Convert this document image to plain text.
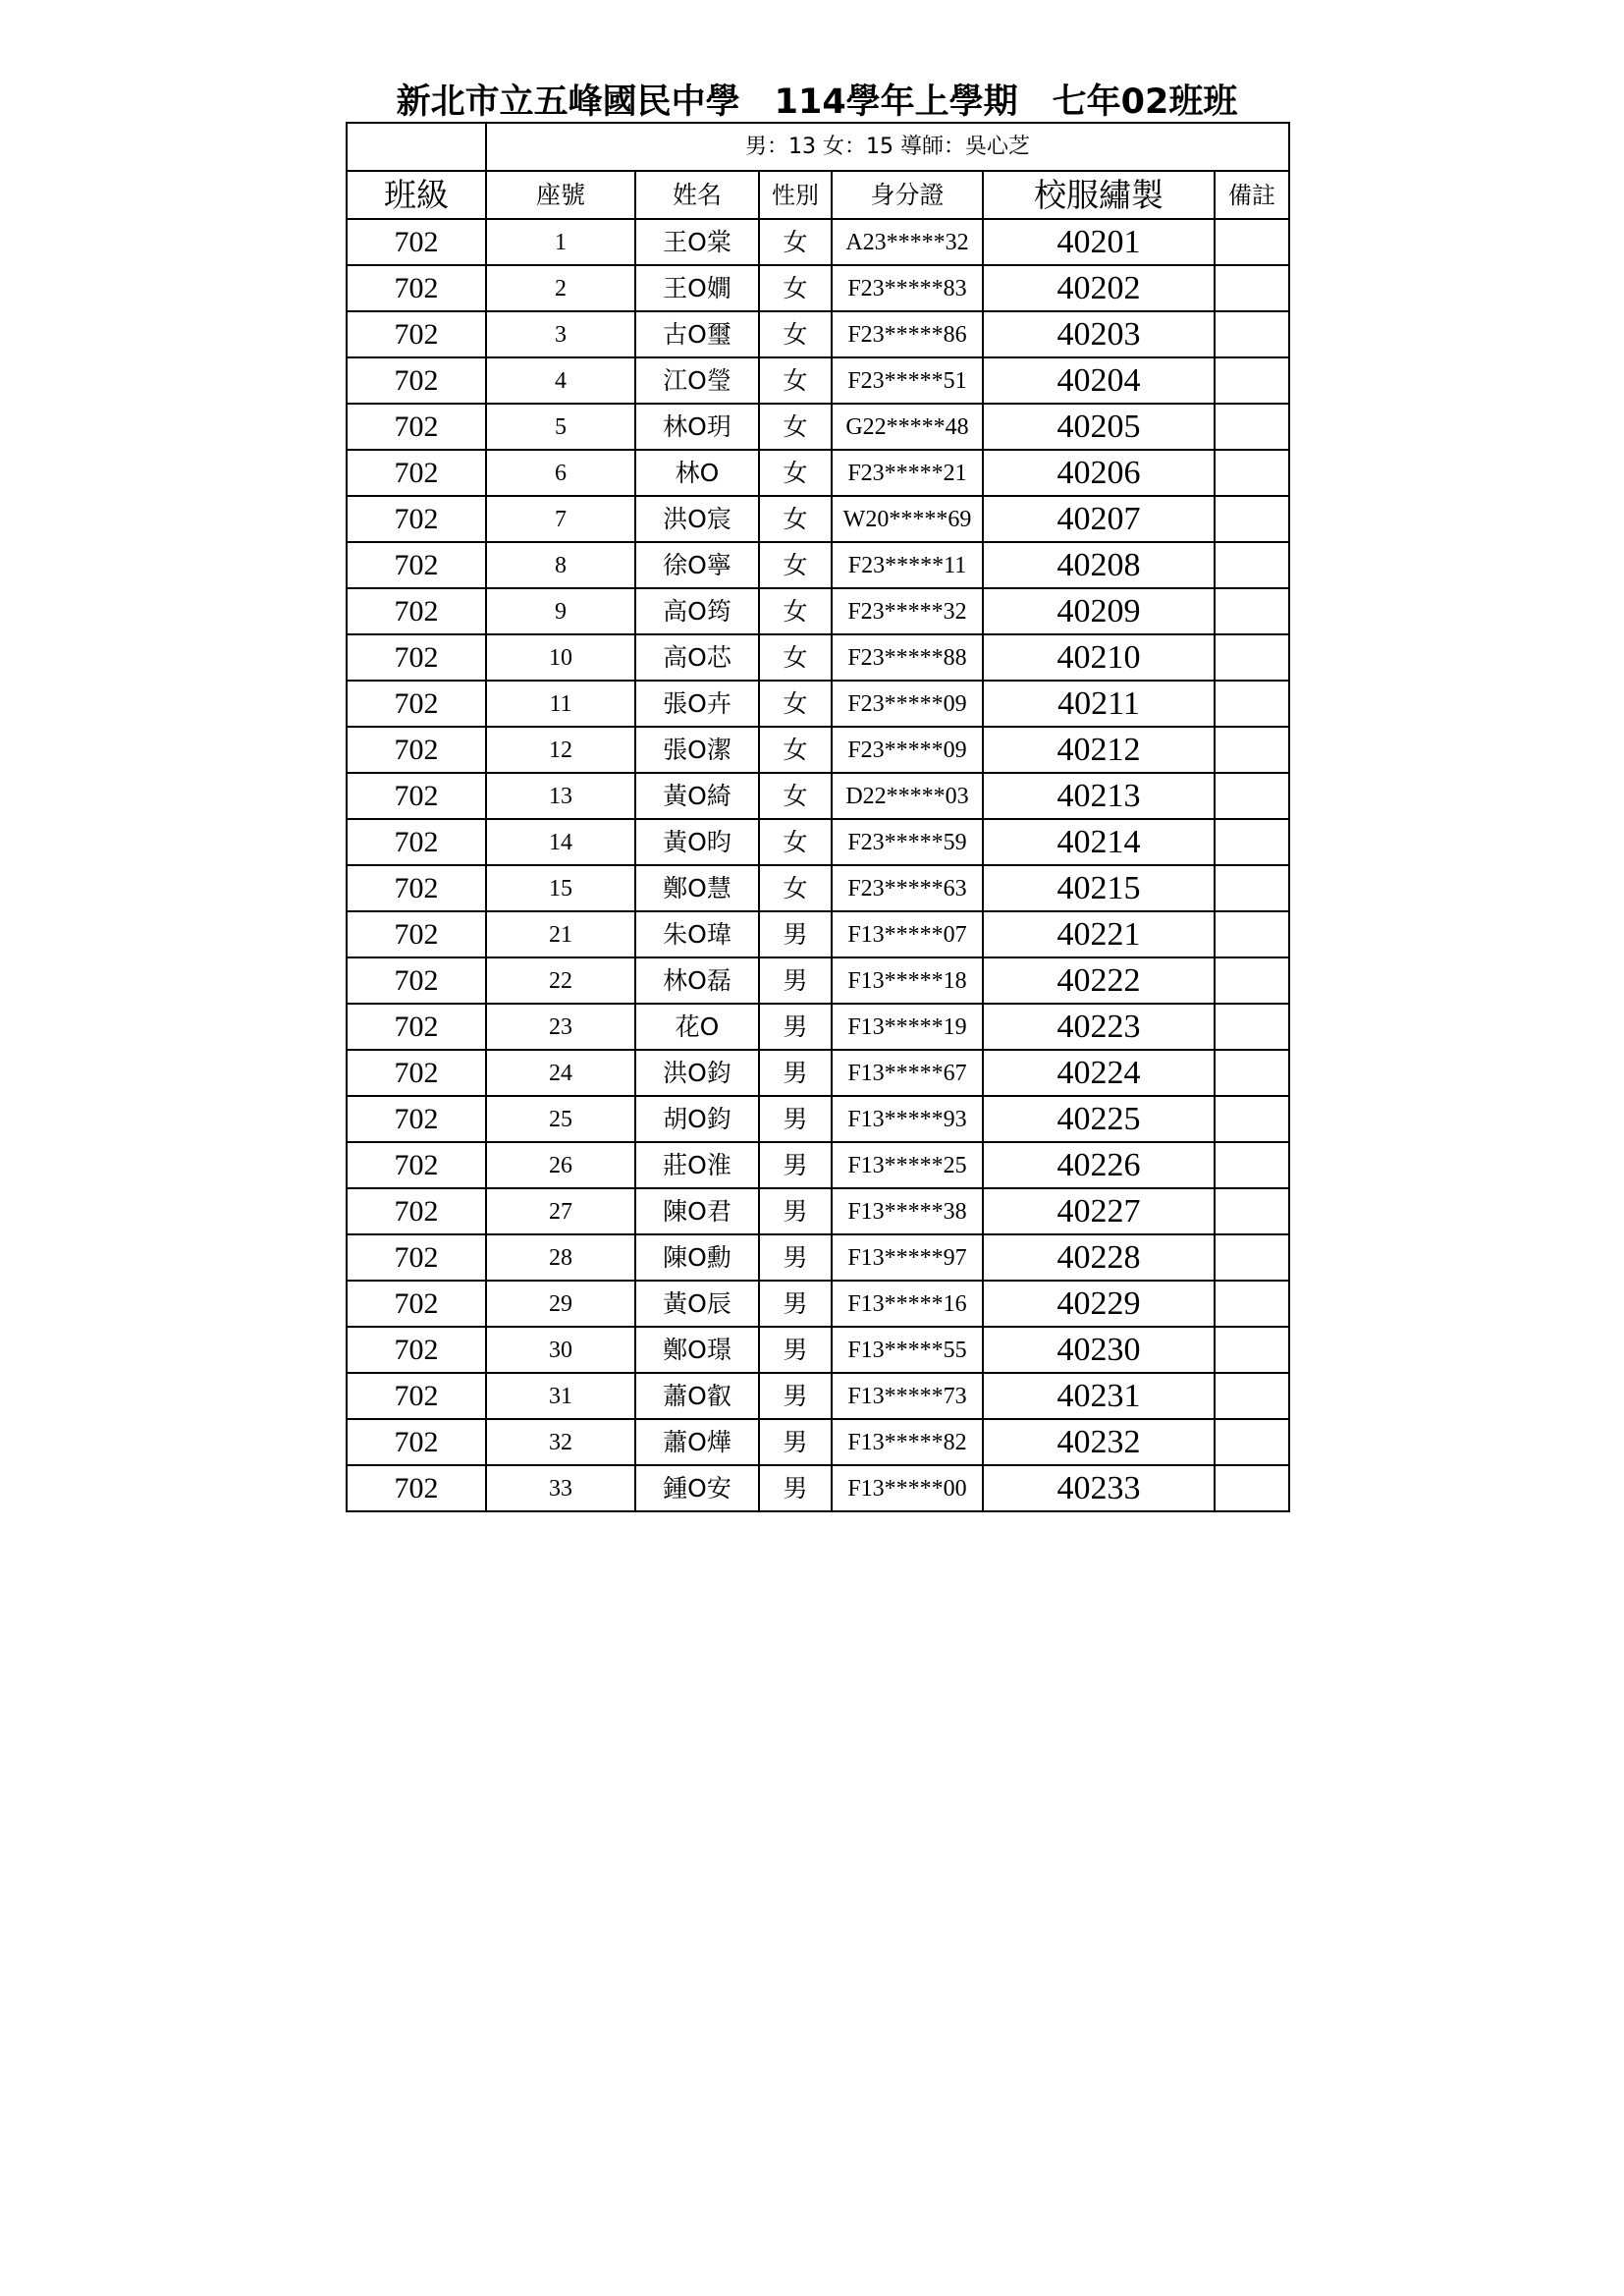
新北市立五峰國民中學　114學年上學期　七年02班班
	男：13 女：15 導師：吳心芝					
班級	座號	姓名	性別	身分證	校服繡製	備註
702	1	王O棠	女	A23*****32	40201	
702	2	王O嫺	女	F23*****83	40202	
702	3	古O璽	女	F23*****86	40203	
702	4	江O瑩	女	F23*****51	40204	
702	5	林O玥	女	G22*****48	40205	
702	6	林O	女	F23*****21	40206	
702	7	洪O宸	女	W20*****69	40207	
702	8	徐O寧	女	F23*****11	40208	
702	9	高O筠	女	F23*****32	40209	
702	10	高O芯	女	F23*****88	40210	
702	11	張O卉	女	F23*****09	40211	
702	12	張O潔	女	F23*****09	40212	
702	13	黃O綺	女	D22*****03	40213	
702	14	黃O昀	女	F23*****59	40214	
702	15	鄭O慧	女	F23*****63	40215	
702	21	朱O瑋	男	F13*****07	40221	
702	22	林O磊	男	F13*****18	40222	
702	23	花O	男	F13*****19	40223	
702	24	洪O鈞	男	F13*****67	40224	
702	25	胡O鈞	男	F13*****93	40225	
702	26	莊O淮	男	F13*****25	40226	
702	27	陳O君	男	F13*****38	40227	
702	28	陳O勳	男	F13*****97	40228	
702	29	黃O辰	男	F13*****16	40229	
702	30	鄭O璟	男	F13*****55	40230	
702	31	蕭O叡	男	F13*****73	40231	
702	32	蕭O燁	男	F13*****82	40232	
702	33	鍾O安	男	F13*****00	40233	
